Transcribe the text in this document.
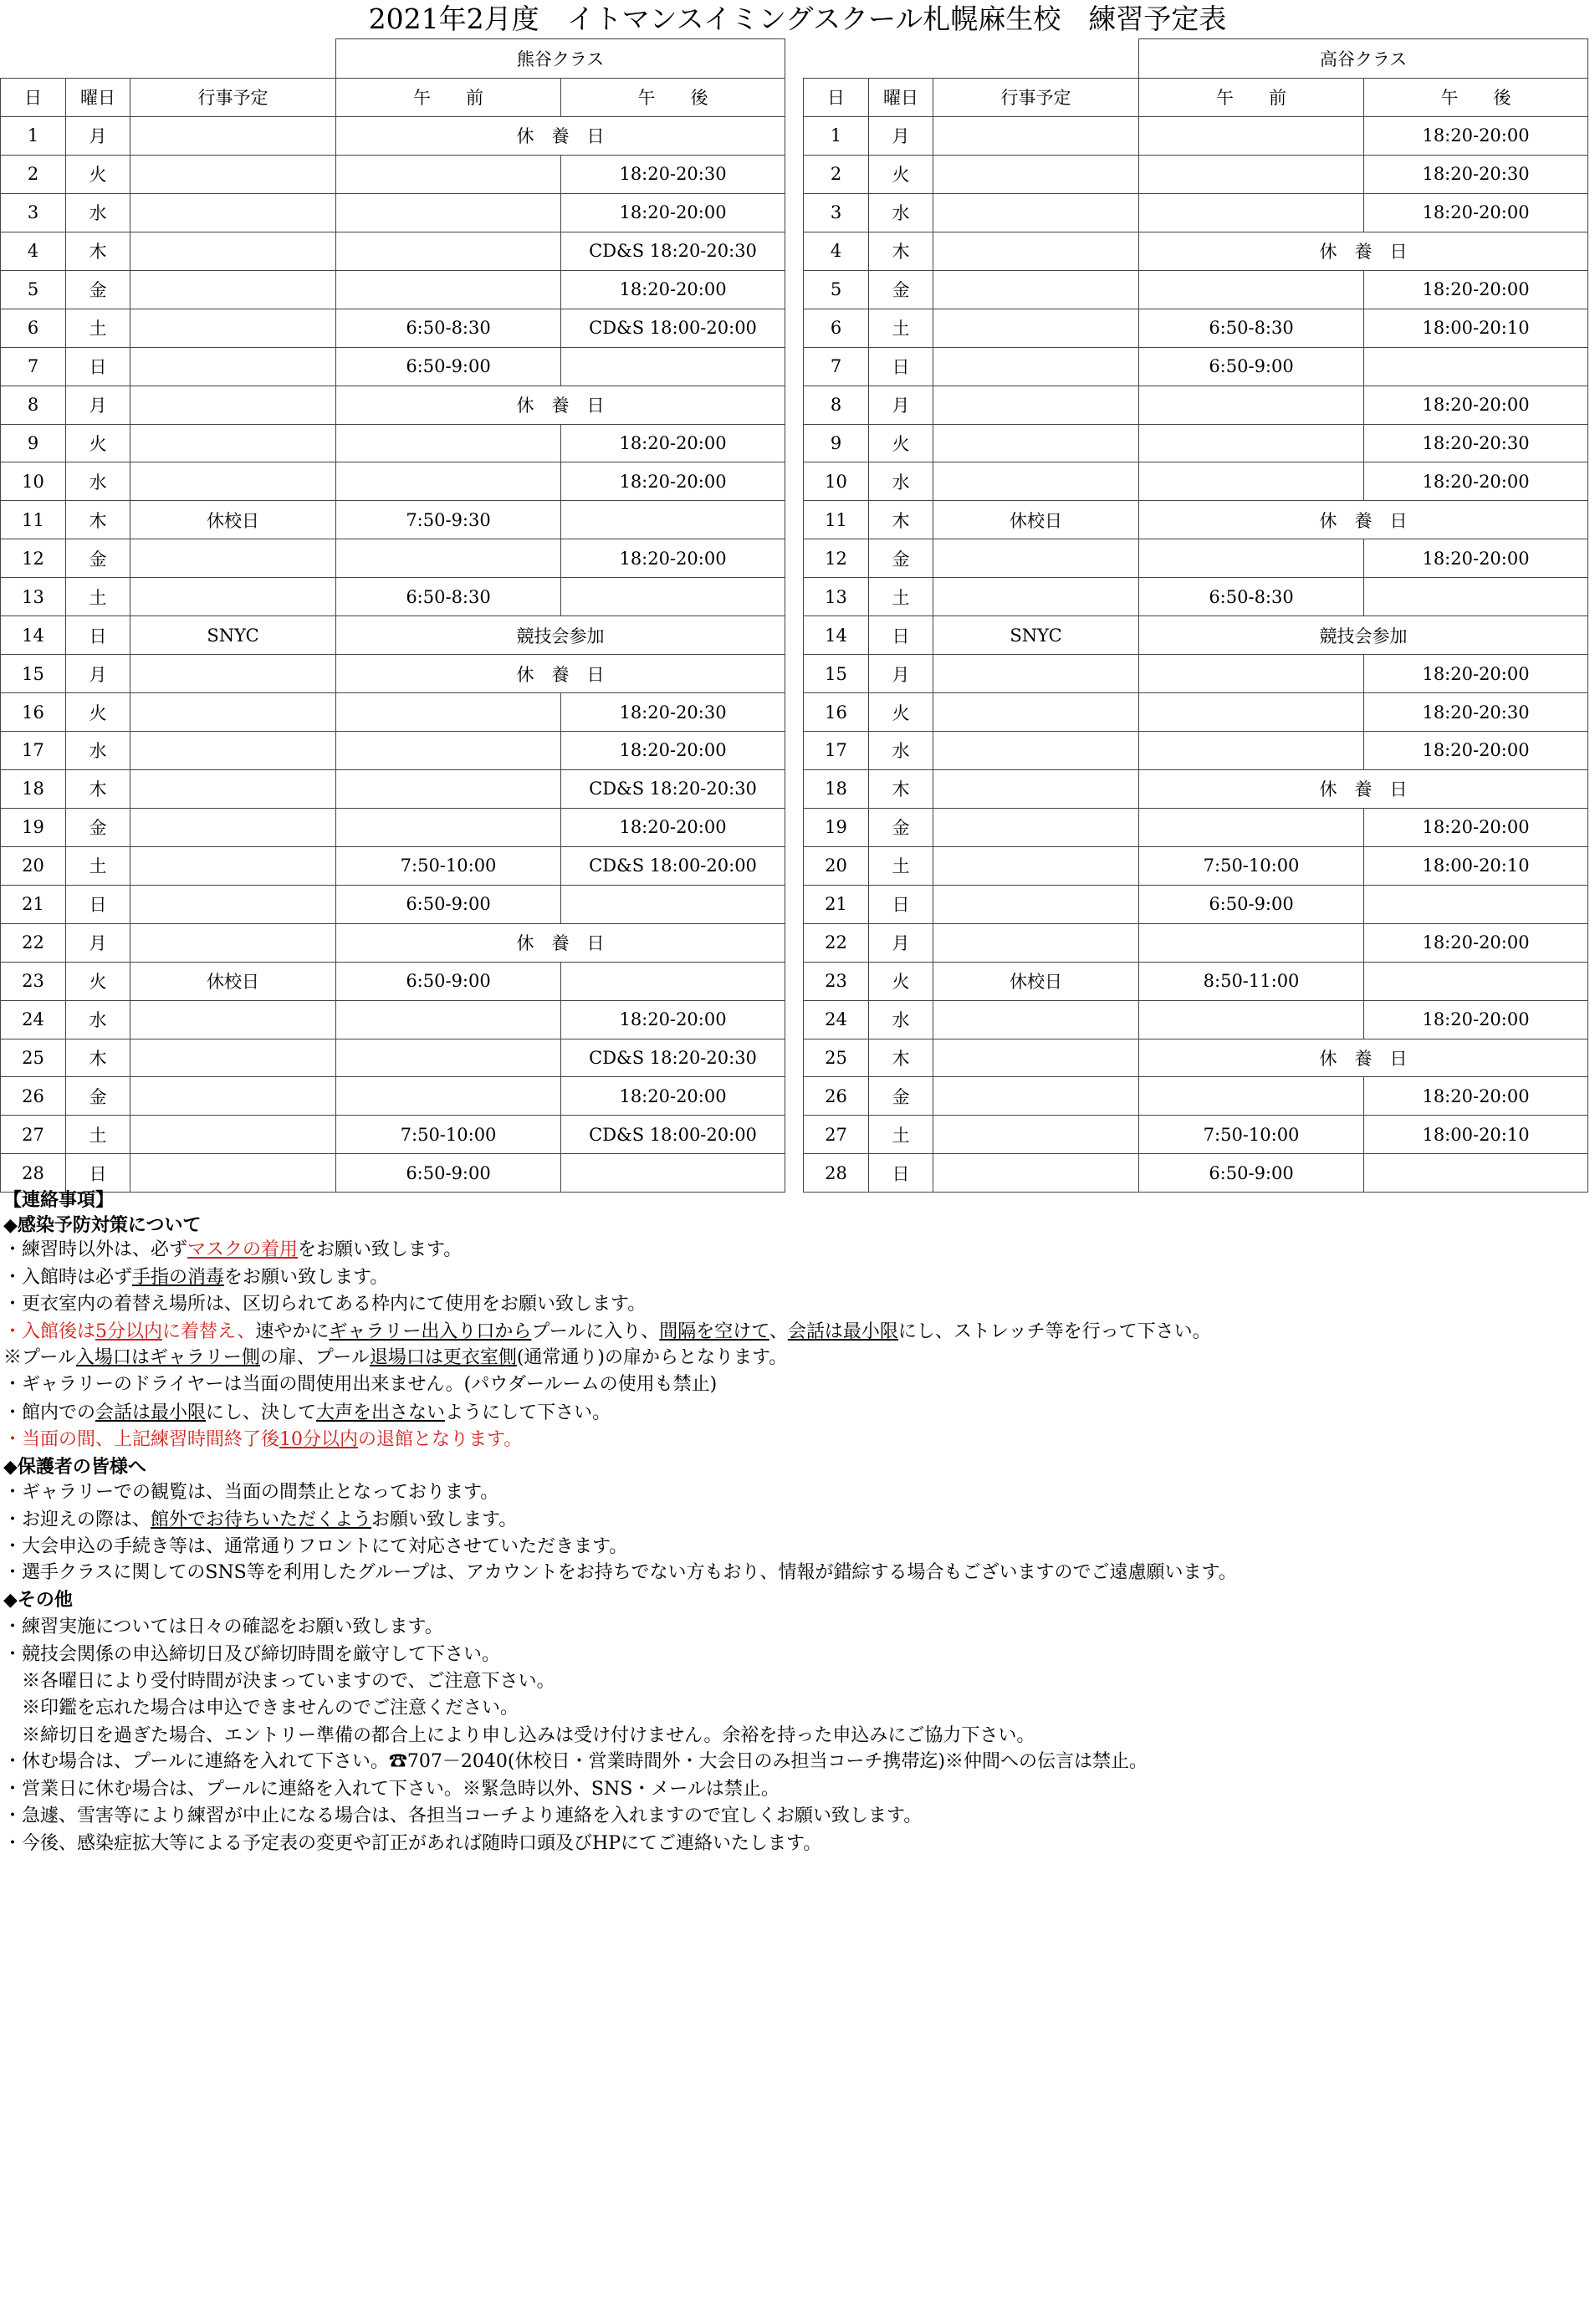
2021年2月度　イトマンスイミングスクール札幌麻生校　練習予定表
			熊谷クラス	
日	曜日	行事予定	午　　前	午　　後
1	月		休　養　日	
2	火			18:20-20:30
3	水			18:20-20:00
4	木			CD&S 18:20-20:30
5	金			18:20-20:00
6	土		6:50-8:30	CD&S 18:00-20:00
7	日		6:50-9:00	
8	月		休　養　日	
9	火			18:20-20:00
10	水			18:20-20:00
11	木	休校日	7:50-9:30	
12	金			18:20-20:00
13	土		6:50-8:30	
14	日	SNYC	競技会参加	
15	月		休　養　日	
16	火			18:20-20:30
17	水			18:20-20:00
18	木			CD&S 18:20-20:30
19	金			18:20-20:00
20	土		7:50-10:00	CD&S 18:00-20:00
21	日		6:50-9:00	
22	月		休　養　日	
23	火	休校日	6:50-9:00	
24	水			18:20-20:00
25	木			CD&S 18:20-20:30
26	金			18:20-20:00
27	土		7:50-10:00	CD&S 18:00-20:00
28	日		6:50-9:00	
			高谷クラス	
日	曜日	行事予定	午　　前	午　　後
1	月			18:20-20:00
2	火			18:20-20:30
3	水			18:20-20:00
4	木		休　養　日	
5	金			18:20-20:00
6	土		6:50-8:30	18:00-20:10
7	日		6:50-9:00	
8	月			18:20-20:00
9	火			18:20-20:30
10	水			18:20-20:00
11	木	休校日	休　養　日	
12	金			18:20-20:00
13	土		6:50-8:30	
14	日	SNYC	競技会参加	
15	月			18:20-20:00
16	火			18:20-20:30
17	水			18:20-20:00
18	木		休　養　日	
19	金			18:20-20:00
20	土		7:50-10:00	18:00-20:10
21	日		6:50-9:00	
22	月			18:20-20:00
23	火	休校日	8:50-11:00	
24	水			18:20-20:00
25	木		休　養　日	
26	金			18:20-20:00
27	土		7:50-10:00	18:00-20:10
28	日		6:50-9:00	
【連絡事項】
◆感染予防対策について
・練習時以外は、必ずマスクの着用をお願い致します。
・入館時は必ず手指の消毒をお願い致します。
・更衣室内の着替え場所は、区切られてある枠内にて使用をお願い致します。
・入館後は5分以内に着替え、速やかにギャラリー出入り口からプールに入り、間隔を空けて、会話は最小限にし、ストレッチ等を行って下さい。
※プール入場口はギャラリー側の扉、プール退場口は更衣室側(通常通り)の扉からとなります。
・ギャラリーのドライヤーは当面の間使用出来ません。(パウダールームの使用も禁止)
・館内での会話は最小限にし、決して大声を出さないようにして下さい。
・当面の間、上記練習時間終了後10分以内の退館となります。
◆保護者の皆様へ
・ギャラリーでの観覧は、当面の間禁止となっております。
・お迎えの際は、館外でお待ちいただくようお願い致します。
・大会申込の手続き等は、通常通りフロントにて対応させていただきます。
・選手クラスに関してのSNS等を利用したグループは、アカウントをお持ちでない方もおり、情報が錯綜する場合もございますのでご遠慮願います。
◆その他
・練習実施については日々の確認をお願い致します。
・競技会関係の申込締切日及び締切時間を厳守して下さい。
　※各曜日により受付時間が決まっていますので、ご注意下さい。
　※印鑑を忘れた場合は申込できませんのでご注意ください。
　※締切日を過ぎた場合、エントリー準備の都合上により申し込みは受け付けません。余裕を持った申込みにご協力下さい。
・休む場合は、プールに連絡を入れて下さい。☎707－2040(休校日・営業時間外・大会日のみ担当コーチ携帯迄)※仲間への伝言は禁止。
・営業日に休む場合は、プールに連絡を入れて下さい。※緊急時以外、SNS・メールは禁止。
・急遽、雪害等により練習が中止になる場合は、各担当コーチより連絡を入れますので宜しくお願い致します。
・今後、感染症拡大等による予定表の変更や訂正があれば随時口頭及びHPにてご連絡いたします。
